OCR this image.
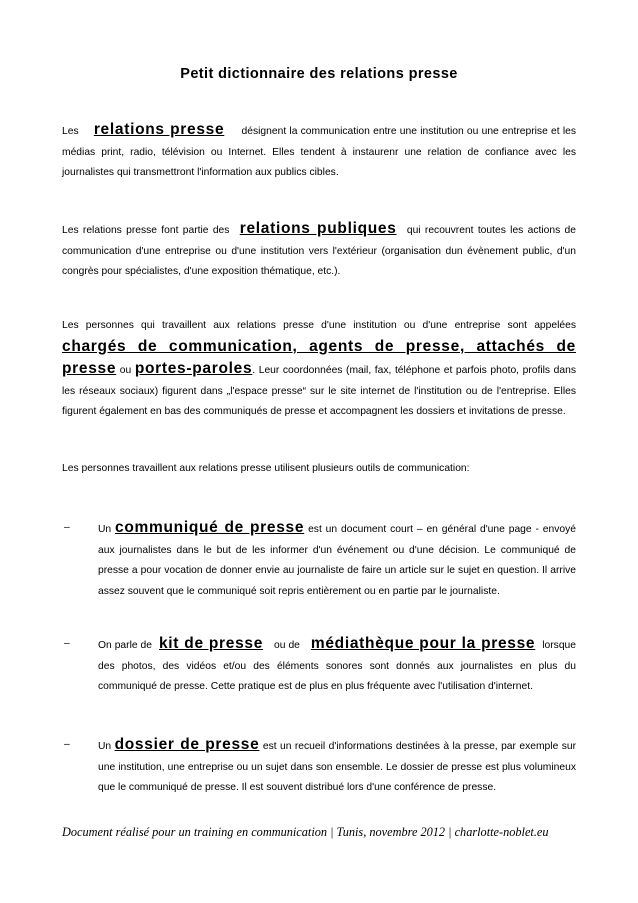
Petit dictionnaire des relations presse
Les relations presse désignent la communication entre une institution ou une entreprise et les médias print, radio, télévision ou Internet. Elles tendent à instaurenr une relation de confiance avec les journalistes qui transmettront l'information aux publics cibles.
Les relations presse font partie des relations publiques qui recouvrent toutes les actions de communication d'une entreprise ou d'une institution vers l'extérieur (organisation dun évènement public, d'un congrès pour spécialistes, d'une exposition thématique, etc.).
Les personnes qui travaillent aux relations presse d'une institution ou d'une entreprise sont appelées chargés de communication, agents de presse, attachés de presse ou portes-paroles. Leur coordonnées (mail, fax, téléphone et parfois photo, profils dans les réseaux sociaux) figurent dans „l'espace presse“ sur le site internet de l'institution ou de l'entreprise. Elles figurent également en bas des communiqués de presse et accompagnent les dossiers et invitations de presse.
Les personnes travaillent aux relations presse utilisent plusieurs outils de communication:
–	Un communiqué de presse est un document court – en général d'une page - envoyé aux journalistes dans le but de les informer d'un événement ou d'une décision. Le communiqué de presse a pour vocation de donner envie au journaliste de faire un article sur le sujet en question. Il arrive assez souvent que le communiqué soit repris entièrement ou en partie par le journaliste.
–	On parle de kit de presse ou de médiathèque pour la presse lorsque des photos, des vidéos et/ou des éléments sonores sont donnés aux journalistes en plus du communiqué de presse. Cette pratique est de plus en plus fréquente avec l'utilisation d'internet.
–	Un dossier de presse est un recueil d'informations destinées à la presse, par exemple sur une institution, une entreprise ou un sujet dans son ensemble. Le dossier de presse est plus volumineux que le communiqué de presse. Il est souvent distribué lors d'une conférence de presse.
Document réalisé pour un training en communication | Tunis, novembre 2012 | charlotte-noblet.eu
